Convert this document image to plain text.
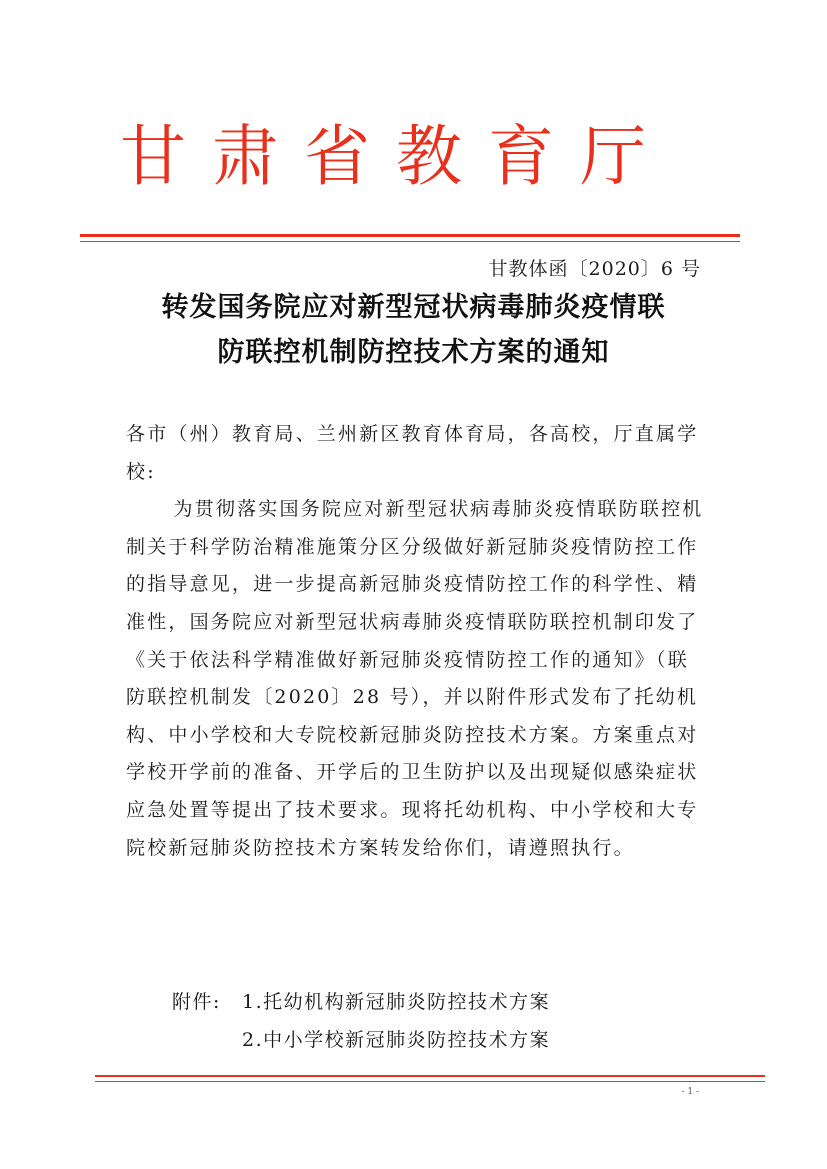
甘肃省教育厅
甘教体函〔2020〕6 号
转发国务院应对新型冠状病毒肺炎疫情联
防联控机制防控技术方案的通知

各市（州）教育局、兰州新区教育体育局，各高校，厅直属学校:

为贯彻落实国务院应对新型冠状病毒肺炎疫情联防联控机制关于科学防治精准施策分区分级做好新冠肺炎疫情防控工作的指导意见，进一步提高新冠肺炎疫情防控工作的科学性、精准性，国务院应对新型冠状病毒肺炎疫情联防联控机制印发了《关于依法科学精准做好新冠肺炎疫情防控工作的通知》（联防联控机制发〔2020〕28 号），并以附件形式发布了托幼机构、中小学校和大专院校新冠肺炎防控技术方案。方案重点对学校开学前的准备、开学后的卫生防护以及出现疑似感染症状应急处置等提出了技术要求。现将托幼机构、中小学校和大专院校新冠肺炎防控技术方案转发给你们，请遵照执行。

附件:	1.托幼机构新冠肺炎防控技术方案
2.中小学校新冠肺炎防控技术方案
- 1 -
